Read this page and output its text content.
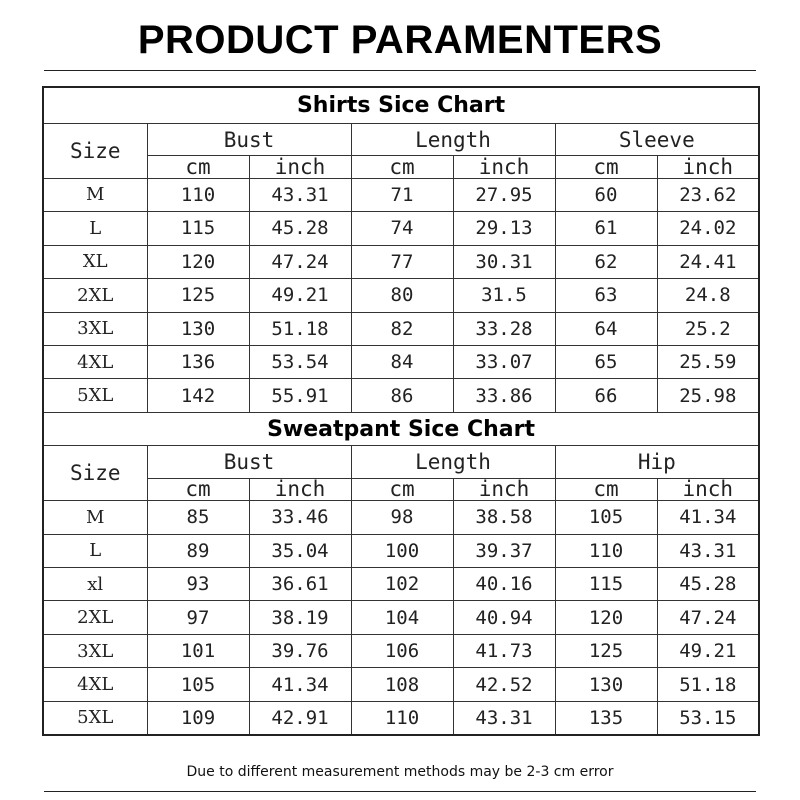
PRODUCT PARAMENTERS
Shirts Sice Chart						
Size	Bust		Length		Sleeve	
	cm	inch	cm	inch	cm	inch
M	110	43.31	71	27.95	60	23.62
L	115	45.28	74	29.13	61	24.02
XL	120	47.24	77	30.31	62	24.41
2XL	125	49.21	80	31.5	63	24.8
3XL	130	51.18	82	33.28	64	25.2
4XL	136	53.54	84	33.07	65	25.59
5XL	142	55.91	86	33.86	66	25.98
Sweatpant Sice Chart						
Size	Bust		Length		Hip	
	cm	inch	cm	inch	cm	inch
M	85	33.46	98	38.58	105	41.34
L	89	35.04	100	39.37	110	43.31
xl	93	36.61	102	40.16	115	45.28
2XL	97	38.19	104	40.94	120	47.24
3XL	101	39.76	106	41.73	125	49.21
4XL	105	41.34	108	42.52	130	51.18
5XL	109	42.91	110	43.31	135	53.15
Due to different measurement methods may be 2-3 cm error
